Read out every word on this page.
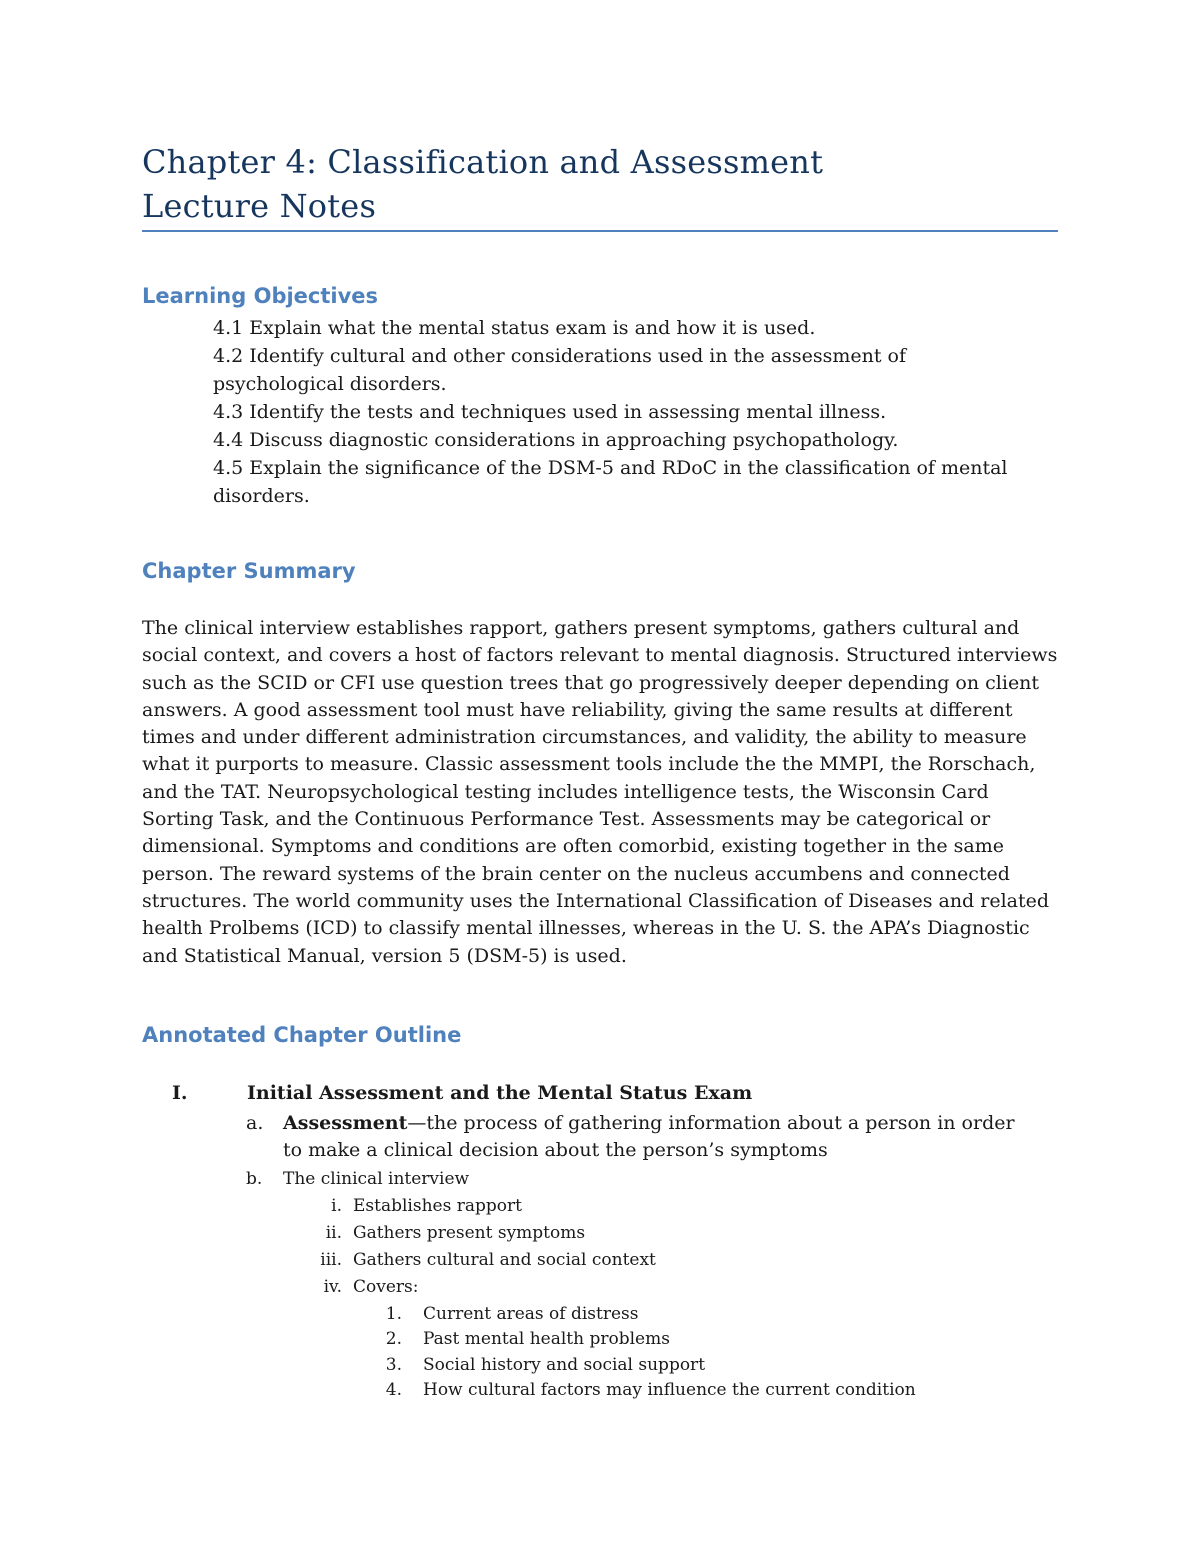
Chapter 4: Classification and Assessment
Lecture Notes
Learning Objectives
4.1 Explain what the mental status exam is and how it is used.
4.2 Identify cultural and other considerations used in the assessment of
psychological disorders.
4.3 Identify the tests and techniques used in assessing mental illness.
4.4 Discuss diagnostic considerations in approaching psychopathology.
4.5 Explain the significance of the DSM-5 and RDoC in the classification of mental
disorders.
Chapter Summary

The clinical interview establishes rapport, gathers present symptoms, gathers cultural and social context, and covers a host of factors relevant to mental diagnosis. Structured interviews such as the SCID or CFI use question trees that go progressively deeper depending on client answers. A good assessment tool must have reliability, giving the same results at different times and under different administration circumstances, and validity, the ability to measure what it purports to measure. Classic assessment tools include the the MMPI, the Rorschach, and the TAT. Neuropsychological testing includes intelligence tests, the Wisconsin Card Sorting Task, and the Continuous Performance Test. Assessments may be categorical or dimensional. Symptoms and conditions are often comorbid, existing together in the same person. The reward systems of the brain center on the nucleus accumbens and connected structures. The world community uses the International Classification of Diseases and related health Prolbems (ICD) to classify mental illnesses, whereas in the U. S. the APA’s Diagnostic and Statistical Manual, version 5 (DSM-5) is used.

Annotated Chapter Outline
I.	Initial Assessment and the Mental Status Exam
a. Assessment—the process of gathering information about a person in order
to make a clinical decision about the person’s symptoms
b. The clinical interview
i. Establishes rapport
ii. Gathers present symptoms
iii. Gathers cultural and social context
iv. Covers:
1. Current areas of distress
2. Past mental health problems
3. Social history and social support
4. How cultural factors may influence the current condition
